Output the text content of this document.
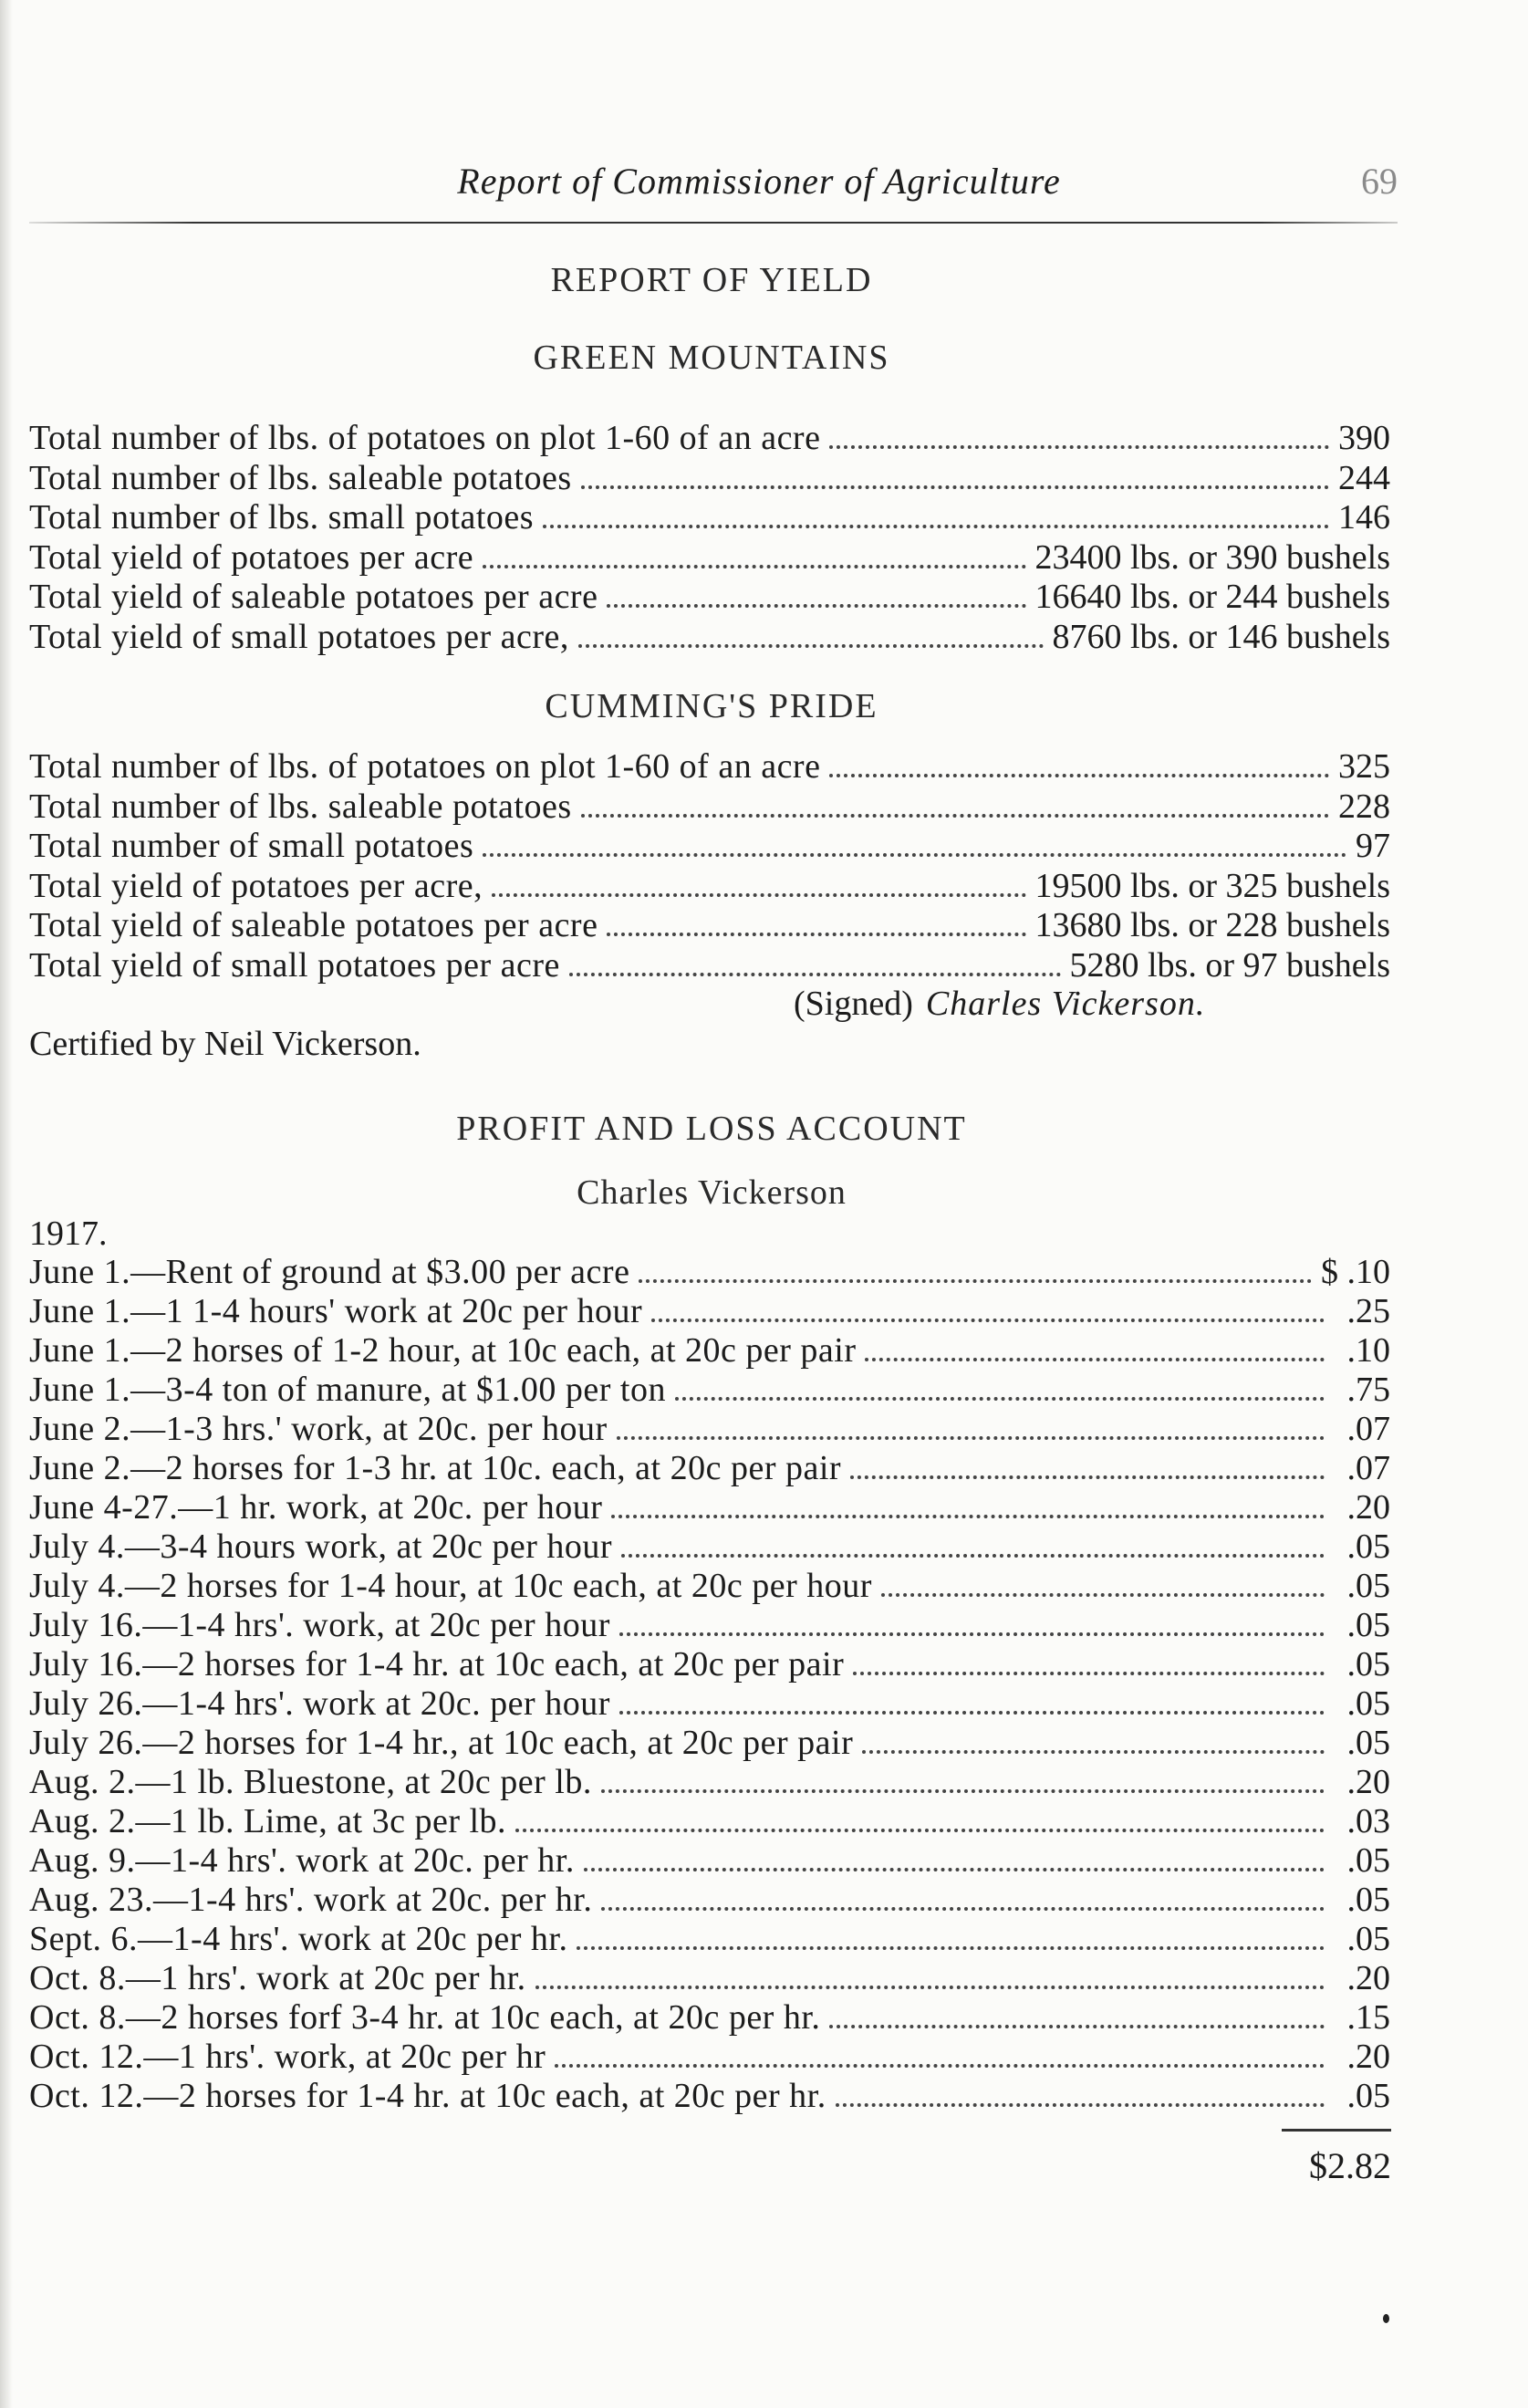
Report of Commissioner of Agriculture	69
REPORT OF YIELD
GREEN MOUNTAINS
Total number of lbs. of potatoes on plot 1-60 of an acre	390
Total number of lbs. saleable potatoes	244
Total number of lbs. small potatoes	146
Total yield of potatoes per acre	23400 lbs. or 390 bushels
Total yield of saleable potatoes per acre	16640 lbs. or 244 bushels
Total yield of small potatoes per acre,	8760 lbs. or 146 bushels
CUMMING'S PRIDE
Total number of lbs. of potatoes on plot 1-60 of an acre	325
Total number of lbs. saleable potatoes	228
Total number of small potatoes	97
Total yield of potatoes per acre,	19500 lbs. or 325 bushels
Total yield of saleable potatoes per acre	13680 lbs. or 228 bushels
Total yield of small potatoes per acre	5280 lbs. or 97 bushels
(Signed) Charles Vickerson.
Certified by Neil Vickerson.
PROFIT AND LOSS ACCOUNT
Charles Vickerson
1917.
June 1.—Rent of ground at $3.00 per acre	$ .10
June 1.—1 1-4 hours' work at 20c per hour	.25
June 1.—2 horses of 1-2 hour, at 10c each, at 20c per pair	.10
June 1.—3-4 ton of manure, at $1.00 per ton	.75
June 2.—1-3 hrs.' work, at 20c. per hour	.07
June 2.—2 horses for 1-3 hr. at 10c. each, at 20c per pair	.07
June 4-27.—1 hr. work, at 20c. per hour	.20
July 4.—3-4 hours work, at 20c per hour	.05
July 4.—2 horses for 1-4 hour, at 10c each, at 20c per hour	.05
July 16.—1-4 hrs'. work, at 20c per hour	.05
July 16.—2 horses for 1-4 hr. at 10c each, at 20c per pair	.05
July 26.—1-4 hrs'. work at 20c. per hour	.05
July 26.—2 horses for 1-4 hr., at 10c each, at 20c per pair	.05
Aug. 2.—1 lb. Bluestone, at 20c per lb.	.20
Aug. 2.—1 lb. Lime, at 3c per lb.	.03
Aug. 9.—1-4 hrs'. work at 20c. per hr.	.05
Aug. 23.—1-4 hrs'. work at 20c. per hr.	.05
Sept. 6.—1-4 hrs'. work at 20c per hr.	.05
Oct. 8.—1 hrs'. work at 20c per hr.	.20
Oct. 8.—2 horses forf 3-4 hr. at 10c each, at 20c per hr.	.15
Oct. 12.—1 hrs'. work, at 20c per hr	.20
Oct. 12.—2 horses for 1-4 hr. at 10c each, at 20c per hr.	.05
$2.82
